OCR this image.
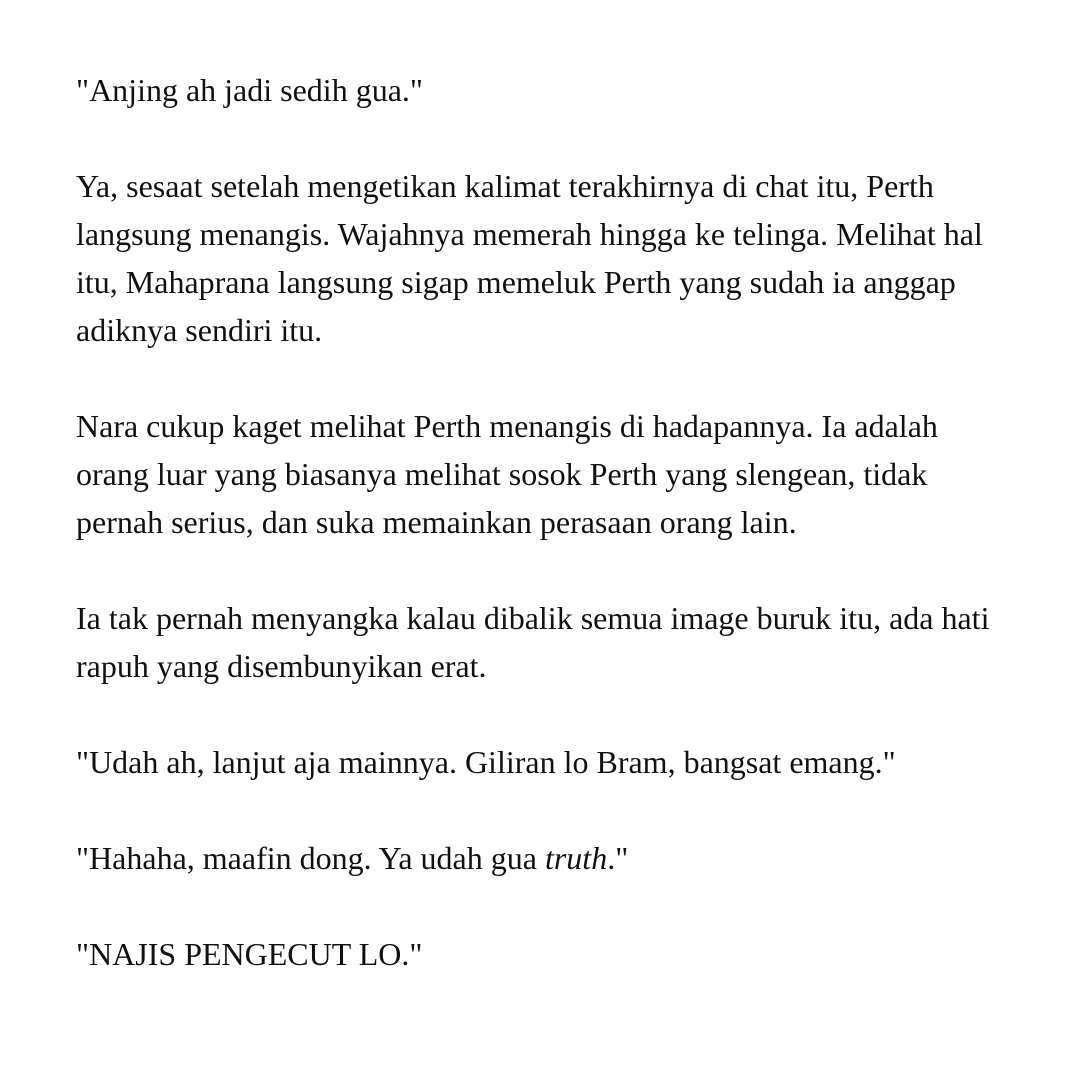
"Anjing ah jadi sedih gua."

Ya, sesaat setelah mengetikan kalimat terakhirnya di chat itu, Perth langsung menangis. Wajahnya memerah hingga ke telinga. Melihat hal itu, Mahaprana langsung sigap memeluk Perth yang sudah ia anggap adiknya sendiri itu.

Nara cukup kaget melihat Perth menangis di hadapannya. Ia adalah orang luar yang biasanya melihat sosok Perth yang slengean, tidak pernah serius, dan suka memainkan perasaan orang lain.

Ia tak pernah menyangka kalau dibalik semua image buruk itu, ada hati rapuh yang disembunyikan erat.

"Udah ah, lanjut aja mainnya. Giliran lo Bram, bangsat emang."

"Hahaha, maafin dong. Ya udah gua truth."

"NAJIS PENGECUT LO."
